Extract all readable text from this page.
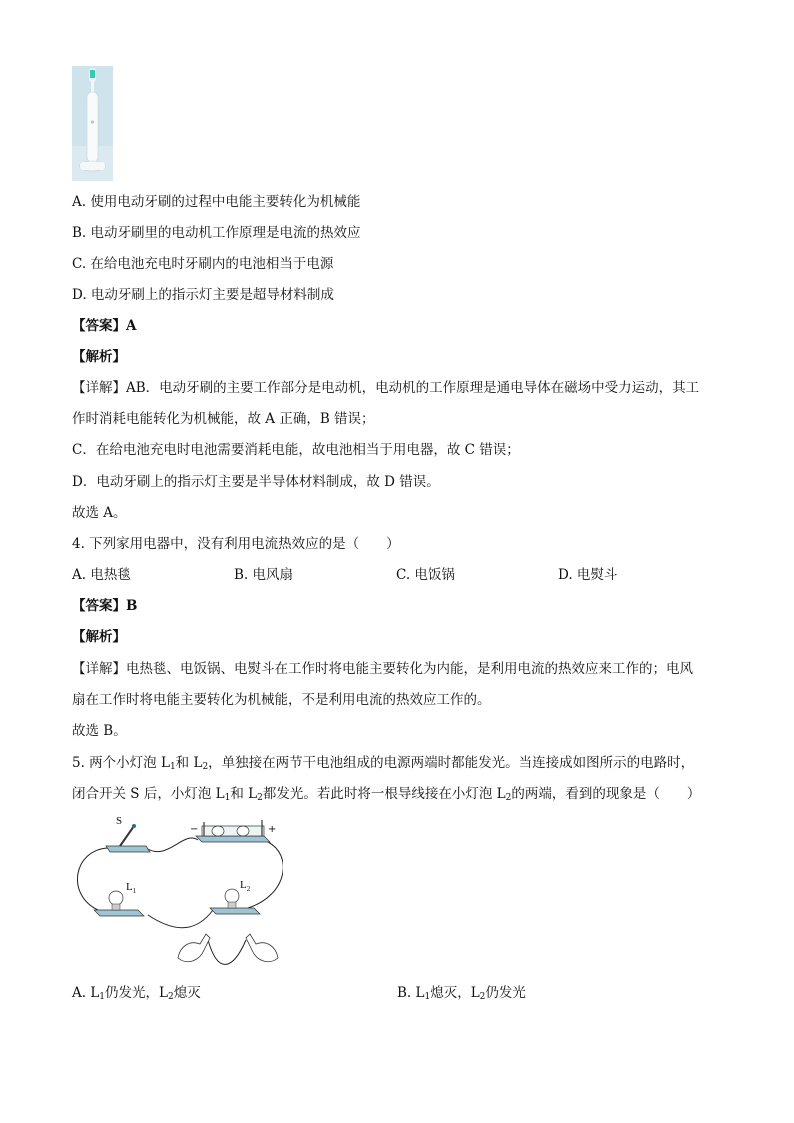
A. 使用电动牙刷的过程中电能主要转化为机械能
B. 电动牙刷里的电动机工作原理是电流的热效应
C. 在给电池充电时牙刷内的电池相当于电源
D. 电动牙刷上的指示灯主要是超导材料制成
【答案】A
【解析】
【详解】AB．电动牙刷的主要工作部分是电动机，电动机的工作原理是通电导体在磁场中受力运动，其工
作时消耗电能转化为机械能，故 A 正确，B 错误；
C．在给电池充电时电池需要消耗电能，故电池相当于用电器，故 C 错误；
D．电动牙刷上的指示灯主要是半导体材料制成，故 D 错误。
故选 A。
4. 下列家用电器中，没有利用电流热效应的是（　　）
A. 电热毯	B. 电风扇	C. 电饭锅	D. 电熨斗
【答案】B
【解析】
【详解】电热毯、电饭锅、电熨斗在工作时将电能主要转化为内能，是利用电流的热效应来工作的；电风
扇在工作时将电能主要转化为机械能，不是利用电流的热效应工作的。
故选 B。
5. 两个小灯泡 $L_1$和 $L_2$，单独接在两节干电池组成的电源两端时都能发光。当连接成如图所示的电路时，
闭合开关 S 后，小灯泡 $L_1$和 $L_2$都发光。若此时将一根导线接在小灯泡 $L_2$的两端，看到的现象是（　　）
S
−	+
$L_1$	$L_2$
A. $L_1$仍发光，$L_2$熄灭	B. $L_1$熄灭，$L_2$仍发光
